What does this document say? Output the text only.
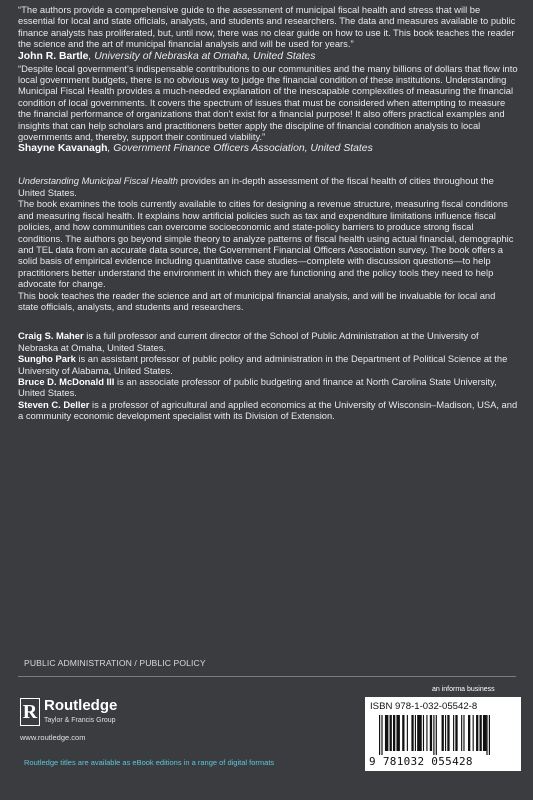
“The authors provide a comprehensive guide to the assessment of municipal fiscal health and stress that will be essential for local and state officials, analysts, and students and researchers. The data and measures available to public finance analysts has proliferated, but, until now, there was no clear guide on how to use it. This book teaches the reader the science and the art of municipal financial analysis and will be used for years.”
John R. Bartle, University of Nebraska at Omaha, United States

“Despite local government’s indispensable contributions to our communities and the many billions of dollars that flow into local government budgets, there is no obvious way to judge the financial condition of these institutions. Understanding Municipal Fiscal Health provides a much-needed explanation of the inescapable complexities of measuring the financial condition of local governments. It covers the spectrum of issues that must be considered when attempting to measure the financial performance of organizations that don’t exist for a financial purpose! It also offers practical examples and insights that can help scholars and practitioners better apply the discipline of financial condition analysis to local governments and, thereby, support their continued viability.”
Shayne Kavanagh, Government Finance Officers Association, United States

Understanding Municipal Fiscal Health provides an in-depth assessment of the fiscal health of cities throughout the United States.

The book examines the tools currently available to cities for designing a revenue structure, measuring fiscal conditions and measuring fiscal health. It explains how artificial policies such as tax and expenditure limitations influence fiscal policies, and how communities can overcome socioeconomic and state-policy barriers to produce strong fiscal conditions. The authors go beyond simple theory to analyze patterns of fiscal health using actual financial, demographic and TEL data from an accurate data source, the Government Financial Officers Association survey. The book offers a solid basis of empirical evidence including quantitative case studies—complete with discussion questions—to help practitioners better understand the environment in which they are functioning and the policy tools they need to help advocate for change.

This book teaches the reader the science and art of municipal financial analysis, and will be invaluable for local and state officials, analysts, and students and researchers.

Craig S. Maher is a full professor and current director of the School of Public Administration at the University of Nebraska at Omaha, United States.

Sungho Park is an assistant professor of public policy and administration in the Department of Political Science at the University of Alabama, United States.

Bruce D. McDonald III is an associate professor of public budgeting and finance at North Carolina State University, United States.

Steven C. Deller is a professor of agricultural and applied economics at the University of Wisconsin–Madison, USA, and a community economic development specialist with its Division of Extension.

PUBLIC ADMINISTRATION / PUBLIC POLICY
R Routledge
Taylor & Francis Group
www.routledge.com
Routledge titles are available as eBook editions in a range of digital formats
an informa business
ISBN 978-1-032-05542-8
9 781032 055428
